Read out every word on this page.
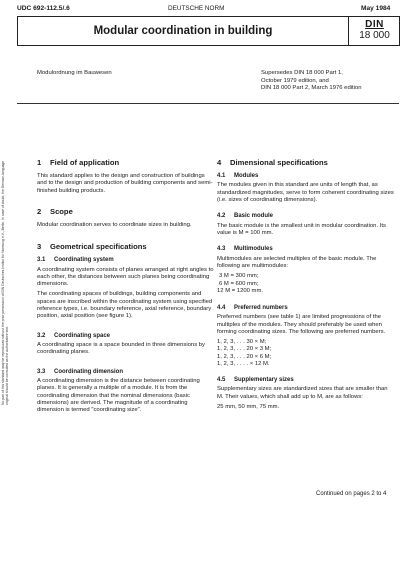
UDC 692-112.5/.6	DEUTSCHE NORM	May 1984
Modular coordination in building
DIN
18 000
Modulordnung im Bauwesen	Supersedes DIN 18 000 Part 1,
October 1979 edition, and
DIN 18 000 Part 2, March 1976 edition
No part of this standard may be reproduced without the prior permission of DIN Deutsches Institut für Normung e.V., Berlin. In case of doubt, the German-language original should be consulted as the authoritative text.
1 Field of application

This standard applies to the design and construction of buildings and to the design and production of building components and semi-finished building products.

2 Scope

Modular coordination serves to coordinate sizes in building.

3 Geometrical specifications
3.1 Coordinating system

A coordinating system consists of planes arranged at right angles to each other, the distances between such planes being coordinating dimensions.

The coordinating spaces of buildings, building components and spaces are inscribed within the coordinating system using specified reference types, i.e. boundary reference, axial reference, boundary position, axial position (see figure 1).

3.2 Coordinating space

A coordinating space is a space bounded in three dimensions by coordinating planes.

3.3 Coordinating dimension

A coordinating dimension is the distance between coordinating planes. It is generally a multiple of a module. It is from the coordinating dimension that the nominal dimensions (basic dimensions) are derived. The magnitude of a coordinating dimension is termed "coordinating size".

4 Dimensional specifications
4.1 Modules

The modules given in this standard are units of length that, as standardized magnitudes, serve to form coherent coordinating sizes (i.e. sizes of coordinating dimensions).

4.2 Basic module

The basic module is the smallest unit in modular coordination. Its value is M = 100 mm.

4.3 Multimodules

Multimodules are selected multiples of the basic module. The following are multimodules:

3 M = 300 mm;
6 M = 600 mm;
12 M = 1200 mm.
4.4 Preferred numbers

Preferred numbers (see table 1) are limited progressions of the multiples of the modules. They should preferably be used when forming coordinating sizes. The following are preferred numbers.

1, 2, 3, . . . 30 × M;
1, 2, 3, . . . 20 × 3 M;
1, 2, 3, . . . 20 × 6 M;
1, 2, 3, . . . . × 12 M.
4.5 Supplementary sizes

Supplementary sizes are standardized sizes that are smaller than M. Their values, which shall add up to M, are as follows:

25 mm, 50 mm, 75 mm.

Continued on pages 2 to 4
